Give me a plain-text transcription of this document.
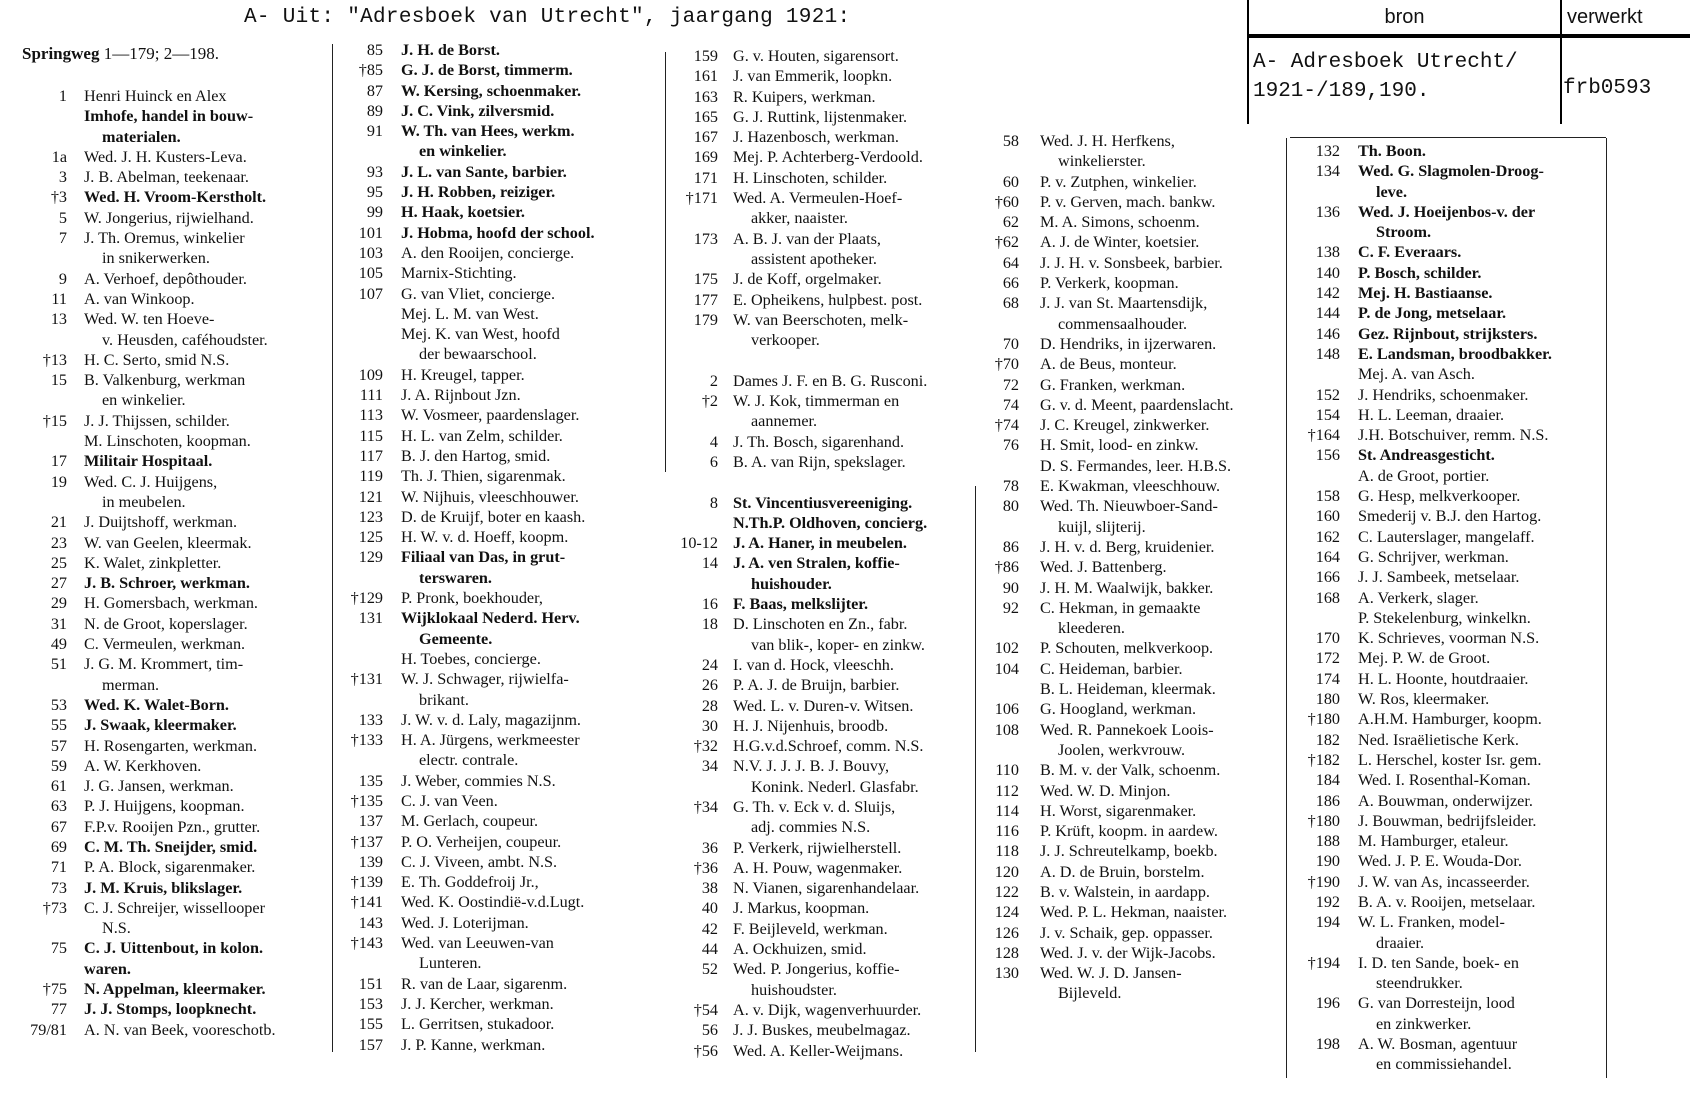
A- Uit: "Adresboek van Utrecht", jaargang 1921:	bron	verwerkt
A- Adresboek Utrecht/
1921-/189,190.	frb0593
Springweg 1—179; 2—198.
1 Henri Huinck en Alex
Imhofe, handel in bouw-
materialen.
1a Wed. J. H. Kusters-Leva.
3 J. B. Abelman, teekenaar.
†3 Wed. H. Vroom-Kerstholt.
5 W. Jongerius, rijwielhand.
7 J. Th. Oremus, winkelier
in snikerwerken.
9 A. Verhoef, depôthouder.
11 A. van Winkoop.
13 Wed. W. ten Hoeve-
v. Heusden, caféhoudster.
†13 H. C. Serto, smid N.S.
15 B. Valkenburg, werkman
en winkelier.
†15 J. J. Thijssen, schilder.
M. Linschoten, koopman.
17 Militair Hospitaal.
19 Wed. C. J. Huijgens,
in meubelen.
21 J. Duijtshoff, werkman.
23 W. van Geelen, kleermak.
25 K. Walet, zinkpletter.
27 J. B. Schroer, werkman.
29 H. Gomersbach, werkman.
31 N. de Groot, koperslager.
49 C. Vermeulen, werkman.
51 J. G. M. Krommert, tim-
merman.
53 Wed. K. Walet-Born.
55 J. Swaak, kleermaker.
57 H. Rosengarten, werkman.
59 A. W. Kerkhoven.
61 J. G. Jansen, werkman.
63 P. J. Huijgens, koopman.
67 F.P.v. Rooijen Pzn., grutter.
69 C. M. Th. Sneijder, smid.
71 P. A. Block, sigarenmaker.
73 J. M. Kruis, blikslager.
†73 C. J. Schreijer, wissellooper
N.S.
75 C. J. Uittenbout, in kolon.
waren.
†75 N. Appelman, kleermaker.
77 J. J. Stomps, loopknecht.
79/81 A. N. van Beek, vooreschotb.
85 J. H. de Borst.
†85 G. J. de Borst, timmerm.
87 W. Kersing, schoenmaker.
89 J. C. Vink, zilversmid.
91 W. Th. van Hees, werkm.
en winkelier.
93 J. L. van Sante, barbier.
95 J. H. Robben, reiziger.
99 H. Haak, koetsier.
101 J. Hobma, hoofd der school.
103 A. den Rooijen, concierge.
105 Marnix-Stichting.
107 G. van Vliet, concierge.
Mej. L. M. van West.
Mej. K. van West, hoofd
der bewaarschool.
109 H. Kreugel, tapper.
111 J. A. Rijnbout Jzn.
113 W. Vosmeer, paardenslager.
115 H. L. van Zelm, schilder.
117 B. J. den Hartog, smid.
119 Th. J. Thien, sigarenmak.
121 W. Nijhuis, vleeschhouwer.
123 D. de Kruijf, boter en kaash.
125 H. W. v. d. Hoeff, koopm.
129 Filiaal van Das, in grut-
terswaren.
†129 P. Pronk, boekhouder,
131 Wijklokaal Nederd. Herv.
Gemeente.
H. Toebes, concierge.
†131 W. J. Schwager, rijwielfa-
brikant.
133 J. W. v. d. Laly, magazijnm.
†133 H. A. Jürgens, werkmeester
electr. contrale.
135 J. Weber, commies N.S.
†135 C. J. van Veen.
137 M. Gerlach, coupeur.
†137 P. O. Verheijen, coupeur.
139 C. J. Viveen, ambt. N.S.
†139 E. Th. Goddefroij Jr.,
†141 Wed. K. Oostindië-v.d.Lugt.
143 Wed. J. Loterijman.
†143 Wed. van Leeuwen-van
Lunteren.
151 R. van de Laar, sigarenm.
153 J. J. Kercher, werkman.
155 L. Gerritsen, stukadoor.
157 J. P. Kanne, werkman.
159 G. v. Houten, sigarensort.
161 J. van Emmerik, loopkn.
163 R. Kuipers, werkman.
165 G. J. Ruttink, lijstenmaker.
167 J. Hazenbosch, werkman.
169 Mej. P. Achterberg-Verdoold.
171 H. Linschoten, schilder.
†171 Wed. A. Vermeulen-Hoef-
akker, naaister.
173 A. B. J. van der Plaats,
assistent apotheker.
175 J. de Koff, orgelmaker.
177 E. Opheikens, hulpbest. post.
179 W. van Beerschoten, melk-
verkooper.
2 Dames J. F. en B. G. Rusconi.
†2 W. J. Kok, timmerman en
aannemer.
4 J. Th. Bosch, sigarenhand.
6 B. A. van Rijn, spekslager.
8 St. Vincentiusvereeniging.
N.Th.P. Oldhoven, concierg.
10-12 J. A. Haner, in meubelen.
14 J. A. ven Stralen, koffie-
huishouder.
16 F. Baas, melkslijter.
18 D. Linschoten en Zn., fabr.
van blik-, koper- en zinkw.
24 I. van d. Hock, vleeschh.
26 P. A. J. de Bruijn, barbier.
28 Wed. L. v. Duren-v. Witsen.
30 H. J. Nijenhuis, broodb.
†32 H.G.v.d.Schroef, comm. N.S.
34 N.V. J. J. J. B. J. Bouvy,
Konink. Nederl. Glasfabr.
†34 G. Th. v. Eck v. d. Sluijs,
adj. commies N.S.
36 P. Verkerk, rijwielherstell.
†36 A. H. Pouw, wagenmaker.
38 N. Vianen, sigarenhandelaar.
40 J. Markus, koopman.
42 F. Beijleveld, werkman.
44 A. Ockhuizen, smid.
52 Wed. P. Jongerius, koffie-
huishoudster.
†54 A. v. Dijk, wagenverhuurder.
56 J. J. Buskes, meubelmagaz.
†56 Wed. A. Keller-Weijmans.
58 Wed. J. H. Herfkens,
winkelierster.
60 P. v. Zutphen, winkelier.
†60 P. v. Gerven, mach. bankw.
62 M. A. Simons, schoenm.
†62 A. J. de Winter, koetsier.
64 J. J. H. v. Sonsbeek, barbier.
66 P. Verkerk, koopman.
68 J. J. van St. Maartensdijk,
commensaalhouder.
70 D. Hendriks, in ijzerwaren.
†70 A. de Beus, monteur.
72 G. Franken, werkman.
74 G. v. d. Meent, paardenslacht.
†74 J. C. Kreugel, zinkwerker.
76 H. Smit, lood- en zinkw.
D. S. Fermandes, leer. H.B.S.
78 E. Kwakman, vleeschhouw.
80 Wed. Th. Nieuwboer-Sand-
kuijl, slijterij.
86 J. H. v. d. Berg, kruidenier.
†86 Wed. J. Battenberg.
90 J. H. M. Waalwijk, bakker.
92 C. Hekman, in gemaakte
kleederen.
102 P. Schouten, melkverkoop.
104 C. Heideman, barbier.
B. L. Heideman, kleermak.
106 G. Hoogland, werkman.
108 Wed. R. Pannekoek Loois-
Joolen, werkvrouw.
110 B. M. v. der Valk, schoenm.
112 Wed. W. D. Minjon.
114 H. Worst, sigarenmaker.
116 P. Krüft, koopm. in aardew.
118 J. J. Schreutelkamp, boekb.
120 A. D. de Bruin, borstelm.
122 B. v. Walstein, in aardapp.
124 Wed. P. L. Hekman, naaister.
126 J. v. Schaik, gep. oppasser.
128 Wed. J. v. der Wijk-Jacobs.
130 Wed. W. J. D. Jansen-
Bijleveld.
132 Th. Boon.
134 Wed. G. Slagmolen-Droog-
leve.
136 Wed. J. Hoeijenbos-v. der
Stroom.
138 C. F. Everaars.
140 P. Bosch, schilder.
142 Mej. H. Bastiaanse.
144 P. de Jong, metselaar.
146 Gez. Rijnbout, strijksters.
148 E. Landsman, broodbakker.
Mej. A. van Asch.
152 J. Hendriks, schoenmaker.
154 H. L. Leeman, draaier.
†164 J.H. Botschuiver, remm. N.S.
156 St. Andreasgesticht.
A. de Groot, portier.
158 G. Hesp, melkverkooper.
160 Smederij v. B.J. den Hartog.
162 C. Lauterslager, mangelaff.
164 G. Schrijver, werkman.
166 J. J. Sambeek, metselaar.
168 A. Verkerk, slager.
P. Stekelenburg, winkelkn.
170 K. Schrieves, voorman N.S.
172 Mej. P. W. de Groot.
174 H. L. Hoonte, houtdraaier.
180 W. Ros, kleermaker.
†180 A.H.M. Hamburger, koopm.
182 Ned. Israëlietische Kerk.
†182 L. Herschel, koster Isr. gem.
184 Wed. I. Rosenthal-Koman.
186 A. Bouwman, onderwijzer.
†180 J. Bouwman, bedrijfsleider.
188 M. Hamburger, etaleur.
190 Wed. J. P. E. Wouda-Dor.
†190 J. W. van As, incasseerder.
192 B. A. v. Rooijen, metselaar.
194 W. L. Franken, model-
draaier.
†194 I. D. ten Sande, boek- en
steendrukker.
196 G. van Dorresteijn, lood
en zinkwerker.
198 A. W. Bosman, agentuur
en commissiehandel.
